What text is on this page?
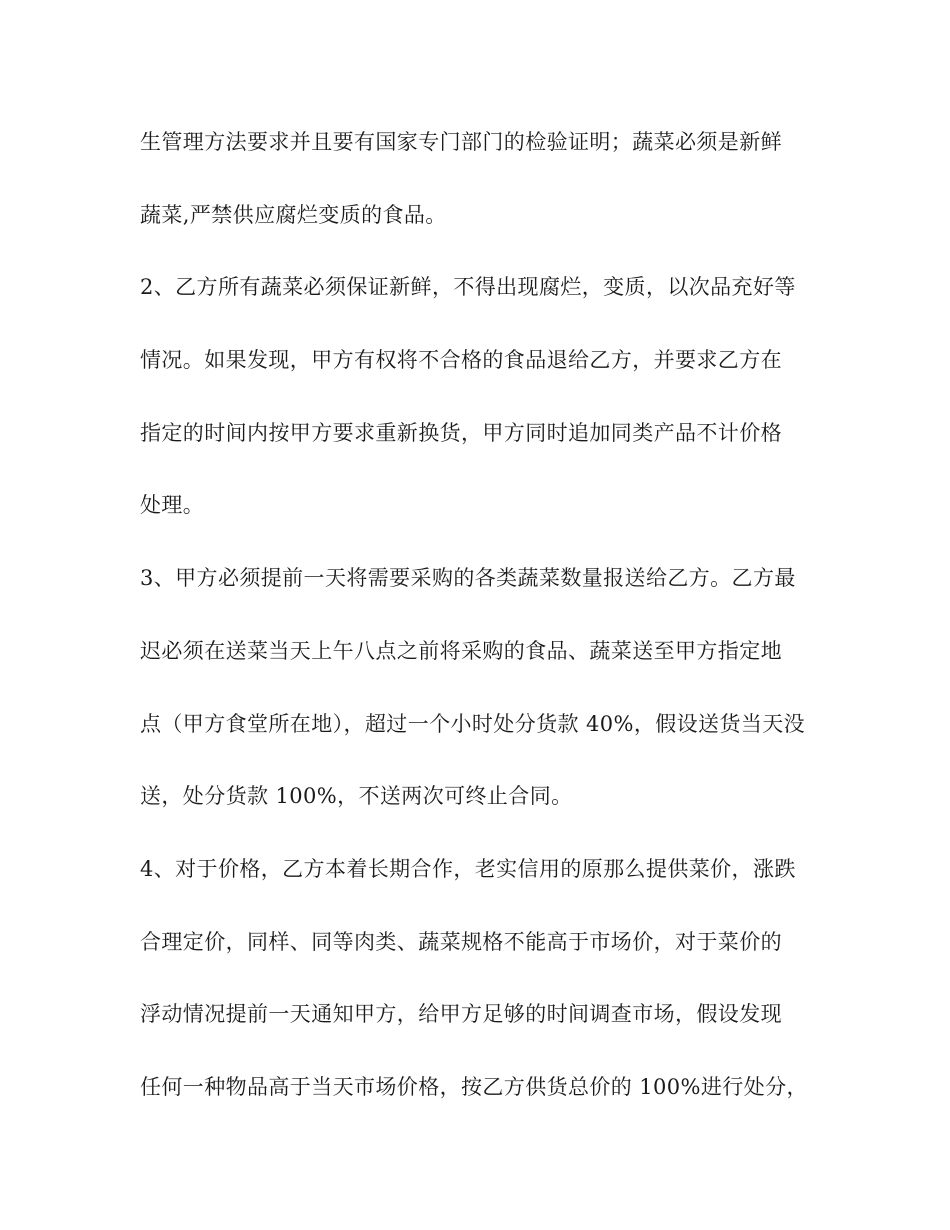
生管理方法要求并且要有国家专门部门的检验证明；蔬菜必须是新鲜
蔬菜,严禁供应腐烂变质的食品。
2、乙方所有蔬菜必须保证新鲜，不得出现腐烂，变质，以次品充好等
情况。如果发现，甲方有权将不合格的食品退给乙方，并要求乙方在
指定的时间内按甲方要求重新换货，甲方同时追加同类产品不计价格
处理。
3、甲方必须提前一天将需要采购的各类蔬菜数量报送给乙方。乙方最
迟必须在送菜当天上午八点之前将采购的食品、蔬菜送至甲方指定地
点（甲方食堂所在地），超过一个小时处分货款 40%，假设送货当天没
送，处分货款 100%，不送两次可终止合同。
4、对于价格，乙方本着长期合作，老实信用的原那么提供菜价，涨跌
合理定价，同样、同等肉类、蔬菜规格不能高于市场价，对于菜价的
浮动情况提前一天通知甲方，给甲方足够的时间调查市场，假设发现
任何一种物品高于当天市场价格，按乙方供货总价的 100%进行处分，
